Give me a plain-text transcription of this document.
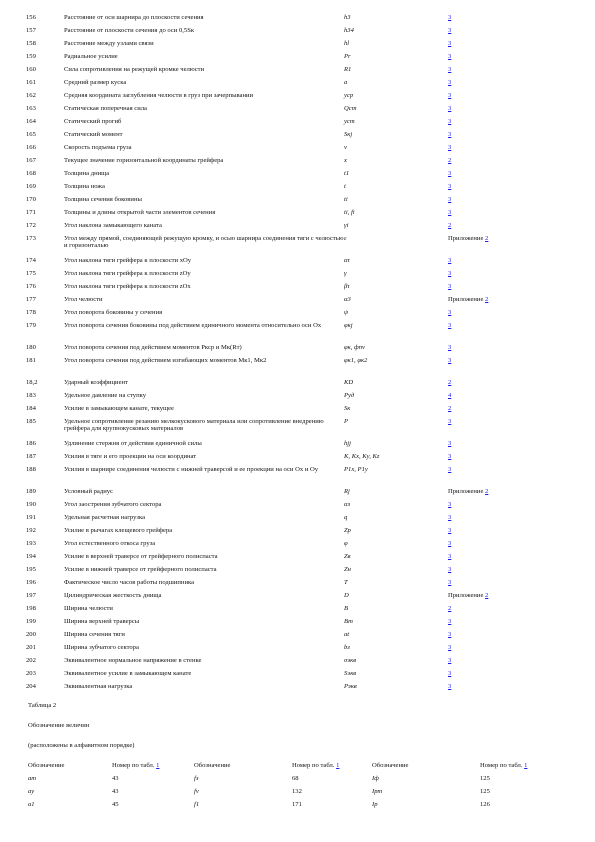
156	Расстояние от оси шарнира до плоскости сечения	h3	3
157	Расстояние от плоскости сечения до оси 0,5Sк	h34	3
158	Расстояние между узлами связи	hl	3
159	Радиальное усилие	Pr	3
160	Сила сопротивления на режущей кромке челюсти	R1	3
161	Средний размер куска	a	3
162	Средняя координата заглубления челюсти в груз при зачерпывании	уср	3
163	Статическая поперечная сила	Qст	3
164	Статический прогиб	уст	3
165	Статический момент	Sкj	3
166	Скорость подъема груза	v	3
167	Текущее значение горизонтальной координаты грейфера	x	2
168	Толщина днища	t1	3
169	Толщина ножа	t	3
170	Толщина сечения боковины	ti	3
171	Толщины и длины открытой части элементов сечения	ti, fi	3
172	Угол наклона замыкающего каната	γi	2
173	Угол между прямой, соединяющей режущую кромку, и осью шарнира соединения тяги с челюстью и горизонталью	ε	Приложение 2
174	Угол наклона тяги грейфера к плоскости хОу	ατ	3
175	Угол наклона тяги грейфера к плоскости zОу	γ	3
176	Угол наклона тяги грейфера к плоскости zОх	βτ	3
177	Угол челюсти	α3	Приложение 2
178	Угол поворота боковины у сечения	ψ	3
179	Угол поворота сечения боковины под действием единичного момента относительно оси Ох	φкj	3
180	Угол поворота сечения под действием моментов Ркср и Мк(Rт)	φк, фпv	3
181	Угол поворота сечения под действием изгибающих моментов Мк1, Мк2	φк1, φк2	3
18,2	Ударный коэффициент	КD	2
183	Удельное давление на ступку	Руд	4
184	Усилие в замыкающем канате, текущее	Sк	2
185	Удельное сопротивление резанию мелкокускового материала или сопротивление внедрению грейфера для крупнокусковых материалов	P	3
186	Удлинение стержня от действия единичной силы	hjj	3
187	Усилия в тяге и его проекции на оси координат	K, Кх, Кy, Кz	3
188	Усилия в шарнире соединения челюсти с нижней траверсой и ее проекции на оси Ох и Оу	P1х, P1у	3
189	Условный радиус	Rj	Приложение 2
190	Угол заострения зубчатого сектора	αз	3
191	Удельная расчетная нагрузка	q	3
192	Усилие в рычагах клещевого грейфера	Zр	3
193	Угол естественного откоса груза	φ	3
194	Усилие в верхней траверсе от грейферного полиспаста	Zв	3
195	Усилие в нижней траверсе от грейферного полиспаста	Zн	3
196	Фактическое число часов работы подшипника	T	3
197	Цилиндрическая жесткость днища	D	Приложение 2
198	Ширина челюсти	B	2
199	Ширина верхней траверсы	Вт	3
200	Ширина сечения тяги	at	3
201	Ширина зубчатого сектора	bз	3
202	Эквивалентное нормальное напряжение в стенке	σэкв	3
203	Эквивалентное усилие в замыкающем канате	Sэкв	3
204	Эквивалентная нагрузка	Рэкв	3
Таблица 2
Обозначение величин
(расположены в алфавитном порядке)
Обозначение	Номер по табл. 1	Обозначение	Номер по табл. 1	Обозначение	Номер по табл. 1
ат	43	fз	68	Iф	125
ау	43	fv	132	Iрт	125
а1	45	f1	171	Ip	126
